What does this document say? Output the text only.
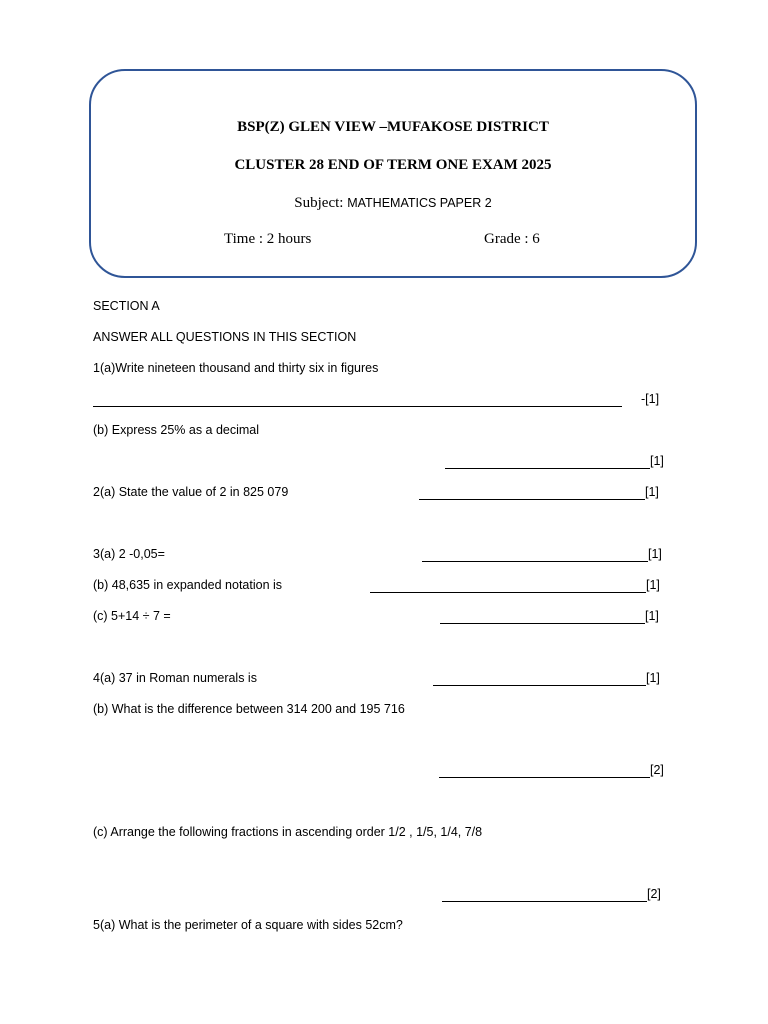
BSP(Z) GLEN VIEW –MUFAKOSE DISTRICT
CLUSTER 28 END OF TERM ONE EXAM 2025
Subject: MATHEMATICS PAPER 2
Time : 2 hours	Grade : 6
SECTION A
ANSWER ALL QUESTIONS IN THIS SECTION
1(a)Write nineteen thousand and thirty six in figures
-[1]
(b) Express 25% as a decimal
[1]
2(a) State the value of 2 in 825 079	[1]
3(a) 2 -0,05=	[1]
(b) 48,635 in expanded notation is	[1]
(c) 5+14 ÷ 7 =	[1]
4(a) 37 in Roman numerals is	[1]
(b) What is the difference between 314 200 and 195 716
[2]
(c) Arrange the following fractions in ascending order 1/2 , 1/5, 1/4, 7/8
[2]
5(a) What is the perimeter of a square with sides 52cm?
